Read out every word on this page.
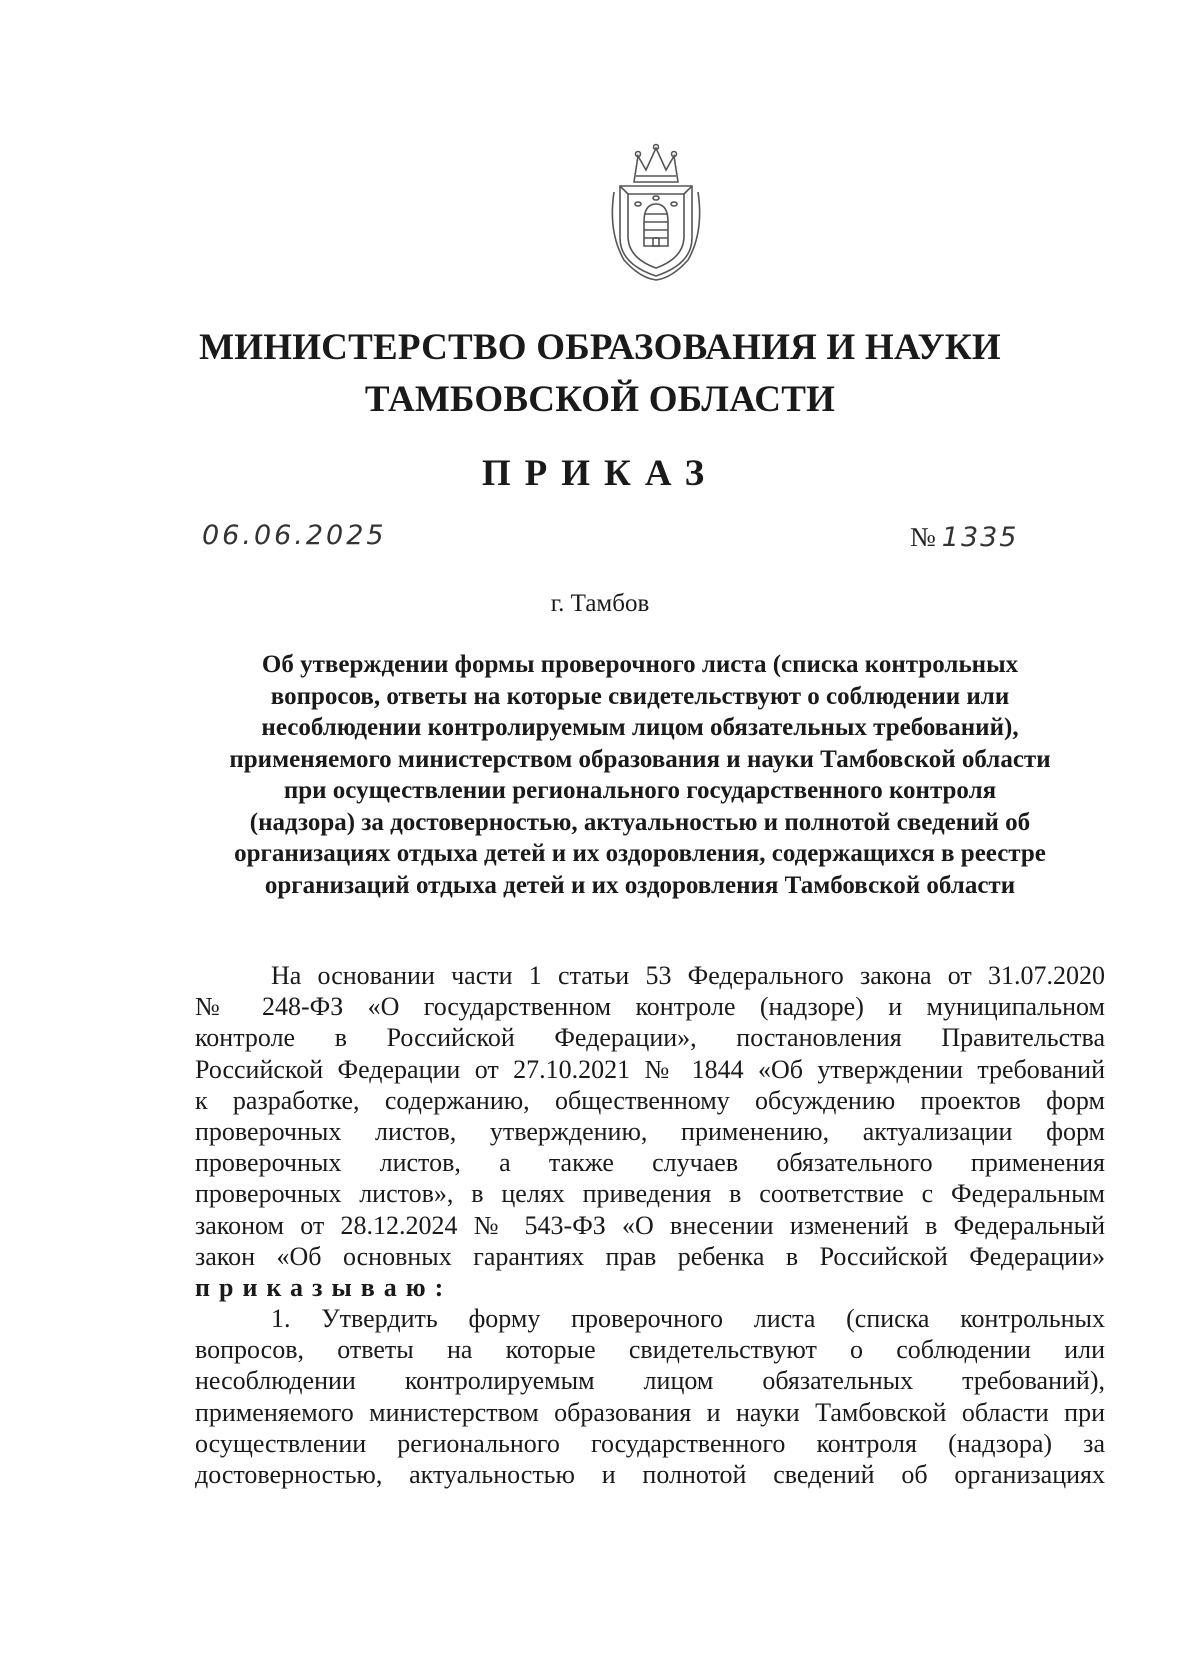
МИНИСТЕРСТВО ОБРАЗОВАНИЯ И НАУКИ
ТАМБОВСКОЙ ОБЛАСТИ
ПРИКАЗ
06.06.2025	№ 1335
г. Тамбов
Об утверждении формы проверочного листа (списка контрольных
вопросов, ответы на которые свидетельствуют о соблюдении или
несоблюдении контролируемым лицом обязательных требований),
применяемого министерством образования и науки Тамбовской области
при осуществлении регионального государственного контроля
(надзора) за достоверностью, актуальностью и полнотой сведений об
организациях отдыха детей и их оздоровления, содержащихся в реестре
организаций отдыха детей и их оздоровления Тамбовской области
На основании части 1 статьи 53 Федерального закона от 31.07.2020
№ 248-ФЗ «О государственном контроле (надзоре) и муниципальном
контроле в Российской Федерации», постановления Правительства
Российской Федерации от 27.10.2021 № 1844 «Об утверждении требований
к разработке, содержанию, общественному обсуждению проектов форм
проверочных листов, утверждению, применению, актуализации форм
проверочных листов, а также случаев обязательного применения
проверочных листов», в целях приведения в соответствие с Федеральным
законом от 28.12.2024 № 543-ФЗ «О внесении изменений в Федеральный
закон «Об основных гарантиях прав ребенка в Российской Федерации»
приказываю:
1. Утвердить форму проверочного листа (списка контрольных
вопросов, ответы на которые свидетельствуют о соблюдении или
несоблюдении контролируемым лицом обязательных требований),
применяемого министерством образования и науки Тамбовской области при
осуществлении регионального государственного контроля (надзора) за
достоверностью, актуальностью и полнотой сведений об организациях
